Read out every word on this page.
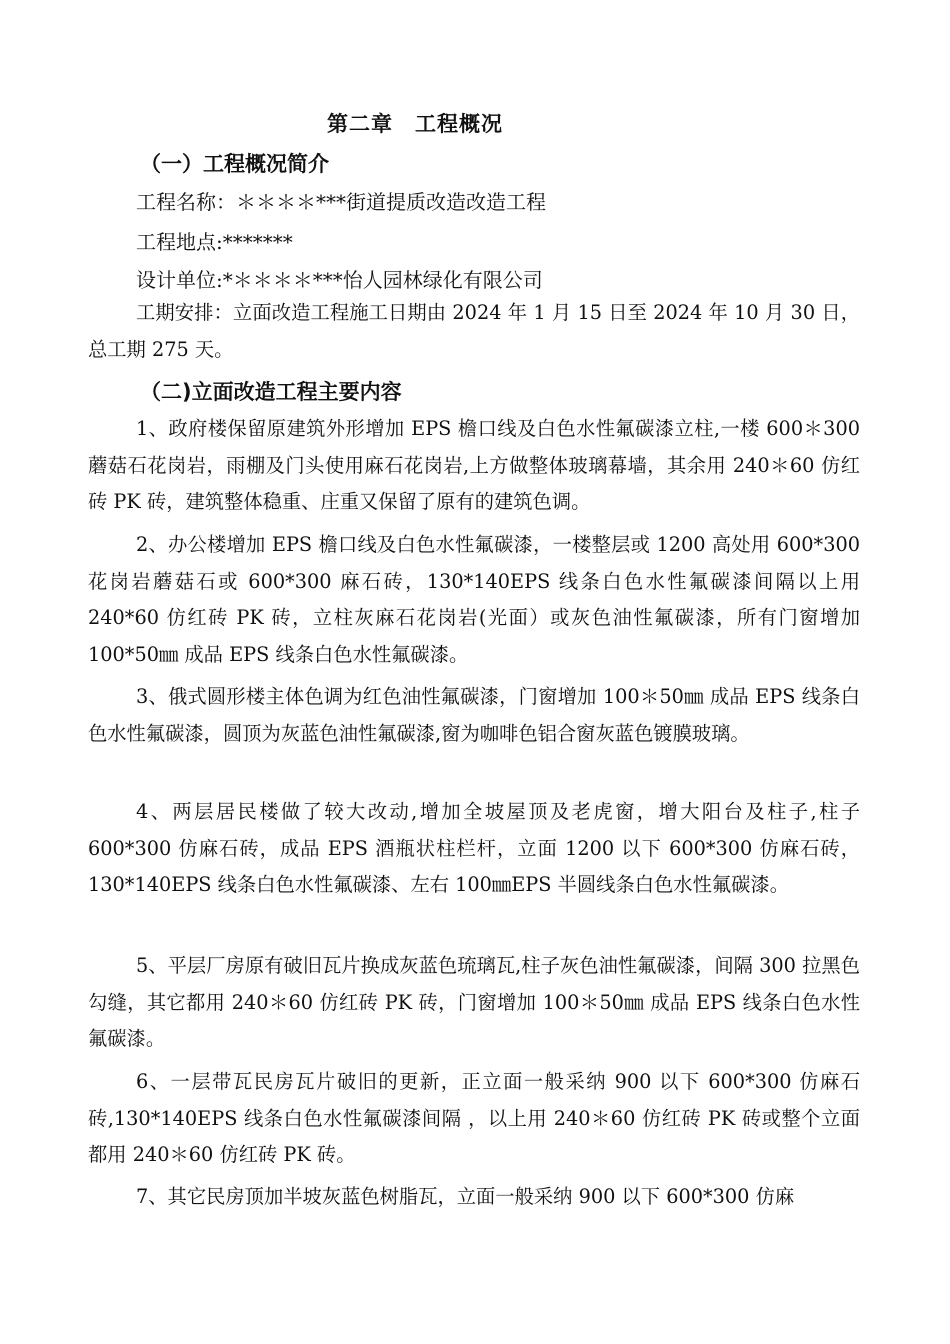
第二章　工程概况
（一）工程概况简介
工程名称：＊＊＊＊***街道提质改造改造工程
工程地点:*******
设计单位:*＊＊＊＊***怡人园林绿化有限公司

工期安排：立面改造工程施工日期由 2024 年 1 月 15 日至 2024 年 10 月 30 日，总工期 275 天。

（二)立面改造工程主要内容

1、政府楼保留原建筑外形增加 EPS 檐口线及白色水性氟碳漆立柱,一楼 600＊300 蘑菇石花岗岩，雨棚及门头使用麻石花岗岩,上方做整体玻璃幕墙，其余用 240＊60 仿红砖 PK 砖，建筑整体稳重、庄重又保留了原有的建筑色调。

2、办公楼增加 EPS 檐口线及白色水性氟碳漆，一楼整层或 1200 高处用 600*300 花岗岩蘑菇石或 600*300 麻石砖，130*140EPS 线条白色水性氟碳漆间隔以上用 240*60 仿红砖 PK 砖，立柱灰麻石花岗岩(光面）或灰色油性氟碳漆，所有门窗增加 100*50㎜ 成品 EPS 线条白色水性氟碳漆。

3、俄式圆形楼主体色调为红色油性氟碳漆，门窗增加 100＊50㎜ 成品 EPS 线条白色水性氟碳漆，圆顶为灰蓝色油性氟碳漆,窗为咖啡色铝合窗灰蓝色镀膜玻璃。

4、两层居民楼做了较大改动,增加全坡屋顶及老虎窗，增大阳台及柱子,柱子 600*300 仿麻石砖，成品 EPS 酒瓶状柱栏杆，立面 1200 以下 600*300 仿麻石砖，130*140EPS 线条白色水性氟碳漆、左右 100㎜EPS 半圆线条白色水性氟碳漆。

5、平层厂房原有破旧瓦片换成灰蓝色琉璃瓦,柱子灰色油性氟碳漆，间隔 300 拉黑色勾缝，其它都用 240＊60 仿红砖 PK 砖，门窗增加 100＊50㎜ 成品 EPS 线条白色水性氟碳漆。

6、一层带瓦民房瓦片破旧的更新，正立面一般采纳 900 以下 600*300 仿麻石砖,130*140EPS 线条白色水性氟碳漆间隔 ，以上用 240＊60 仿红砖 PK 砖或整个立面都用 240＊60 仿红砖 PK 砖。

7、其它民房顶加半坡灰蓝色树脂瓦，立面一般采纳 900 以下 600*300 仿麻
